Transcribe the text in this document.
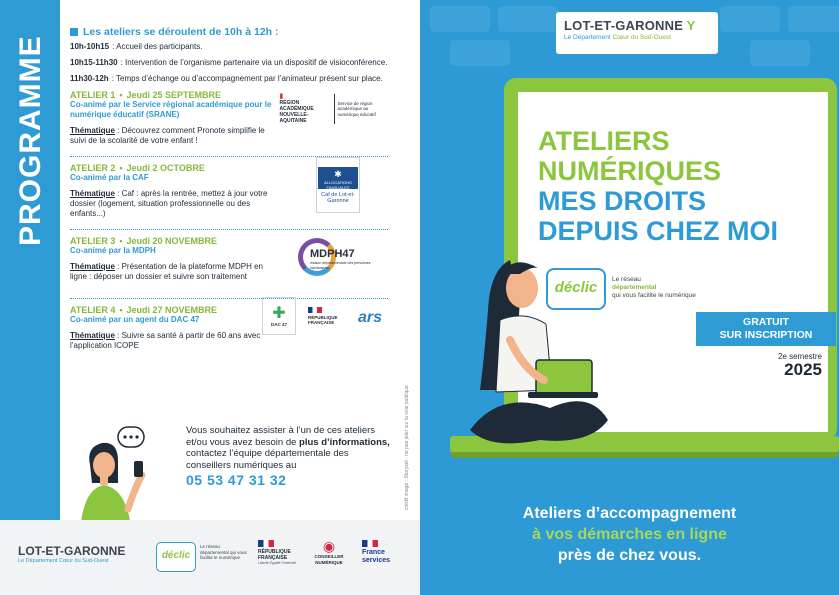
PROGRAMME
Les ateliers se déroulent de 10h à 12h :
10h-10h15 : Accueil des participants.
10h15-11h30 : Intervention de l’organisme partenaire via un dispositif de visioconférence.
11h30-12h : Temps d’échange ou d’accompagnement par l’animateur présent sur place.
ATELIER 1 • Jeudi 25 SEPTEMBRE
Co-animé par le Service régional académique pour le numérique éducatif (SRANE)
Thématique : Découvrez comment Pronote simplifie le suivi de la scolarité de votre enfant !
▮
RÉGION ACADÉMIQUE NOUVELLE-AQUITAINE
Service de région académique au numérique éducatif
ATELIER 2 • Jeudi 2 OCTOBRE
Co-animé par la CAF
Thématique : Caf : après la rentrée, mettez à jour votre dossier (logement, situation professionnelle ou des enfants...)
✱
ALLOCATIONS FAMILIALES
Caf de Lot-et-Garonne
ATELIER 3 • Jeudi 20 NOVEMBRE
Co-animé par la MDPH
Thématique : Présentation de la plateforme MDPH en ligne : déposer un dossier et suivre son traitement
MDPH47
maison départementale des personnes handicapées
ATELIER 4 • Jeudi 27 NOVEMBRE
Co-animé par un agent du DAC 47
Thématique : Suivre sa santé à partir de 60 ans avec l’application ICOPE
✚
DAC 47
RÉPUBLIQUE FRANÇAISE	ars
Vous souhaitez assister à l’un de ces ateliers et/ou vous avez besoin de plus d’informations, contactez l’équipe départementale des conseillers numériques au
05 53 47 31 32	crédit image : Storyset - ne pas jeter sur la voie publique
LOT-ET-GARONNE
Le Département Cœur du Sud-Ouest	déclic
Le réseau départemental qui vous facilite le numérique
RÉPUBLIQUE FRANÇAISE
Liberté Égalité Fraternité
◉
CONSEILLER NUMÉRIQUE
France services
LOT-ET-GARONNE Y
Le Département Cœur du Sud-Ouest
ATELIERS
NUMÉRIQUES
MES DROITS
DEPUIS CHEZ MOI
déclic	Le réseau
départemental
qui vous facilite le numérique
GRATUIT
SUR INSCRIPTION
2e semestre
2025
Ateliers d’accompagnement
à vos démarches en ligne
près de chez vous.
